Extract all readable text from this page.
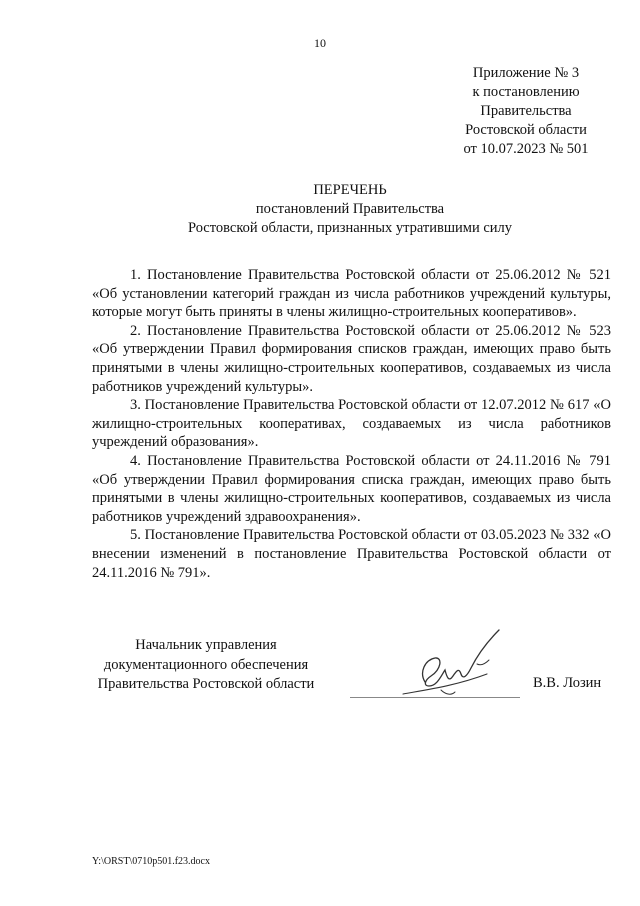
10
Приложение № 3
к постановлению
Правительства
Ростовской области
от 10.07.2023 № 501
ПЕРЕЧЕНЬ
постановлений Правительства
Ростовской области, признанных утратившими силу

1. Постановление Правительства Ростовской области от 25.06.2012 № 521 «Об установлении категорий граждан из числа работников учреждений культуры, которые могут быть приняты в члены жилищно-строительных кооперативов».

2. Постановление Правительства Ростовской области от 25.06.2012 № 523 «Об утверждении Правил формирования списков граждан, имеющих право быть принятыми в члены жилищно-строительных кооперативов, создаваемых из числа работников учреждений культуры».

3. Постановление Правительства Ростовской области от 12.07.2012 № 617 «О жилищно-строительных кооперативах, создаваемых из числа работников учреждений образования».

4. Постановление Правительства Ростовской области от 24.11.2016 № 791 «Об утверждении Правил формирования списка граждан, имеющих право быть принятыми в члены жилищно-строительных кооперативов, создаваемых из числа работников учреждений здравоохранения».

5. Постановление Правительства Ростовской области от 03.05.2023 № 332 «О внесении изменений в постановление Правительства Ростовской области от 24.11.2016 № 791».

Начальник управления
документационного обеспечения
Правительства Ростовской области	В.В. Лозин
Y:\ORST\0710p501.f23.docx
